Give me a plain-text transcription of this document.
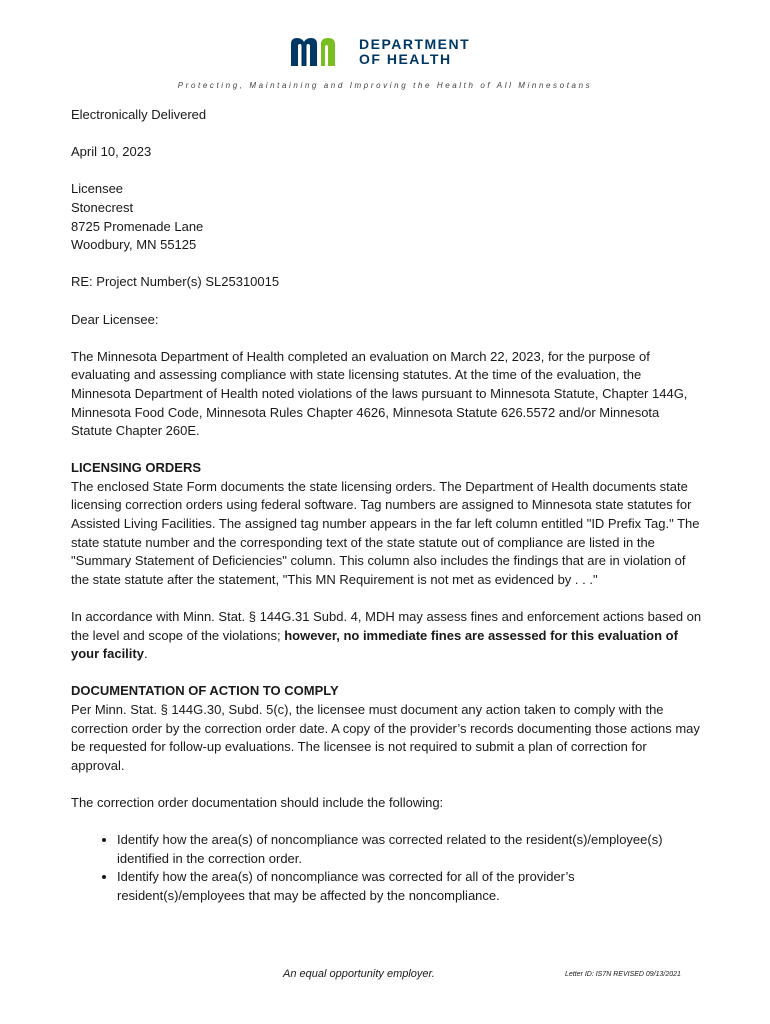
DEPARTMENT
OF HEALTH
Protecting, Maintaining and Improving the Health of All Minnesotans

Electronically Delivered

April 10, 2023

Licensee
Stonecrest
8725 Promenade Lane
Woodbury, MN 55125

RE: Project Number(s) SL25310015

Dear Licensee:

The Minnesota Department of Health completed an evaluation on March 22, 2023, for the purpose of evaluating and assessing compliance with state licensing statutes. At the time of the evaluation, the Minnesota Department of Health noted violations of the laws pursuant to Minnesota Statute, Chapter 144G, Minnesota Food Code, Minnesota Rules Chapter 4626, Minnesota Statute 626.5572 and/or Minnesota Statute Chapter 260E.

LICENSING ORDERS
The enclosed State Form documents the state licensing orders. The Department of Health documents state licensing correction orders using federal software. Tag numbers are assigned to Minnesota state statutes for Assisted Living Facilities. The assigned tag number appears in the far left column entitled "ID Prefix Tag." The state statute number and the corresponding text of the state statute out of compliance are listed in the "Summary Statement of Deficiencies" column. This column also includes the findings that are in violation of the state statute after the statement, "This MN Requirement is not met as evidenced by . . ."

In accordance with Minn. Stat. § 144G.31 Subd. 4, MDH may assess fines and enforcement actions based on the level and scope of the violations; however, no immediate fines are assessed for this evaluation of your facility.

DOCUMENTATION OF ACTION TO COMPLY
Per Minn. Stat. § 144G.30, Subd. 5(c), the licensee must document any action taken to comply with the correction order by the correction order date. A copy of the provider’s records documenting those actions may be requested for follow-up evaluations. The licensee is not required to submit a plan of correction for approval.

The correction order documentation should include the following:

• Identify how the area(s) of noncompliance was corrected related to the resident(s)/employee(s) identified in the correction order.
• Identify how the area(s) of noncompliance was corrected for all of the provider’s resident(s)/employees that may be affected by the noncompliance.
An equal opportunity employer.	Letter ID: IS7N REVISED 09/13/2021
